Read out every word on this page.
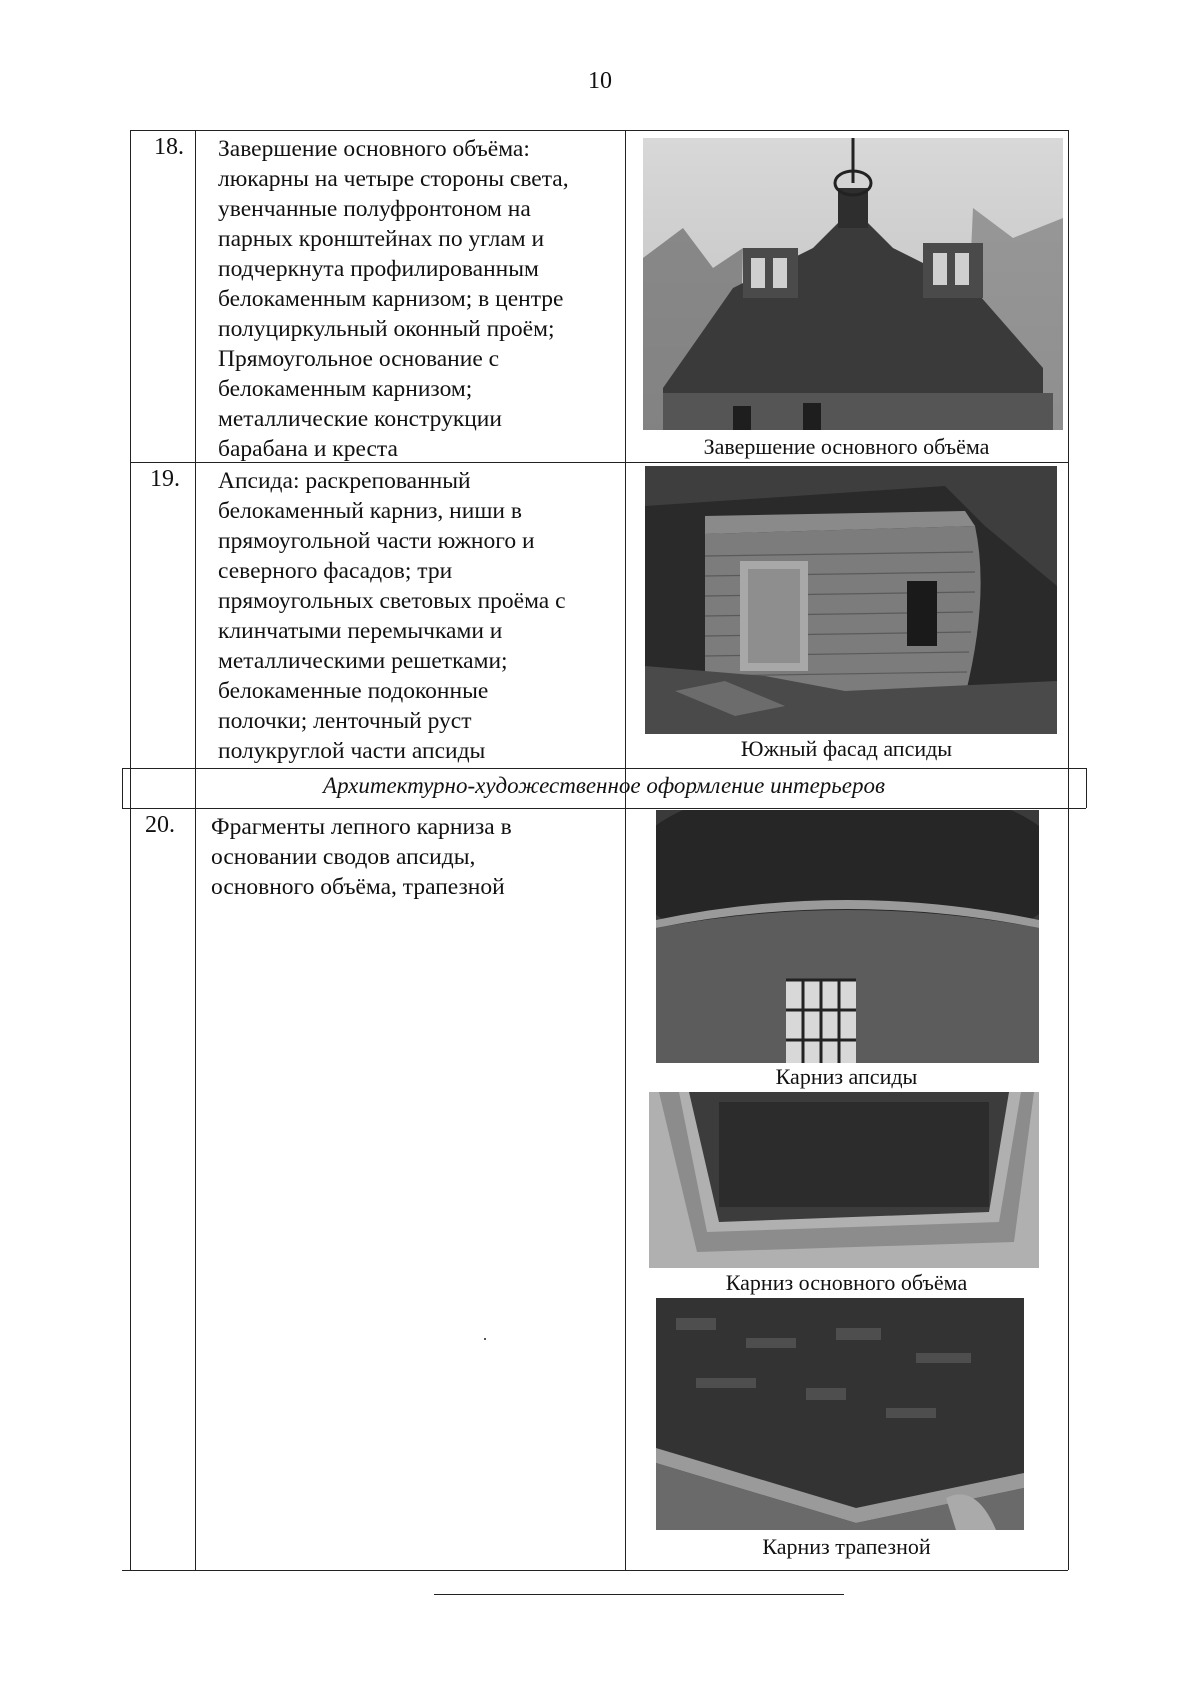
10
18. Завершение основного объёма:
люкарны на четыре стороны света,
увенчанные полуфронтоном на
парных кронштейнах по углам и
подчеркнута профилированным
белокаменным карнизом; в центре
полуциркульный оконный проём;
Прямоугольное основание с
белокаменным карнизом;
металлические конструкции
барабана и креста	Завершение основного объёма
19. Апсида: раскрепованный
белокаменный карниз, ниши в
прямоугольной части южного и
северного фасадов; три
прямоугольных световых проёма с
клинчатыми перемычками и
металлическими решетками;
белокаменные подоконные
полочки; ленточный руст
полукруглой части апсиды	Южный фасад апсиды
Архитектурно-художественное оформление интерьеров
20. Фрагменты лепного карниза в
основании сводов апсиды,
основного объёма, трапезной
Карниз апсиды
Карниз основного объёма
Карниз трапезной
